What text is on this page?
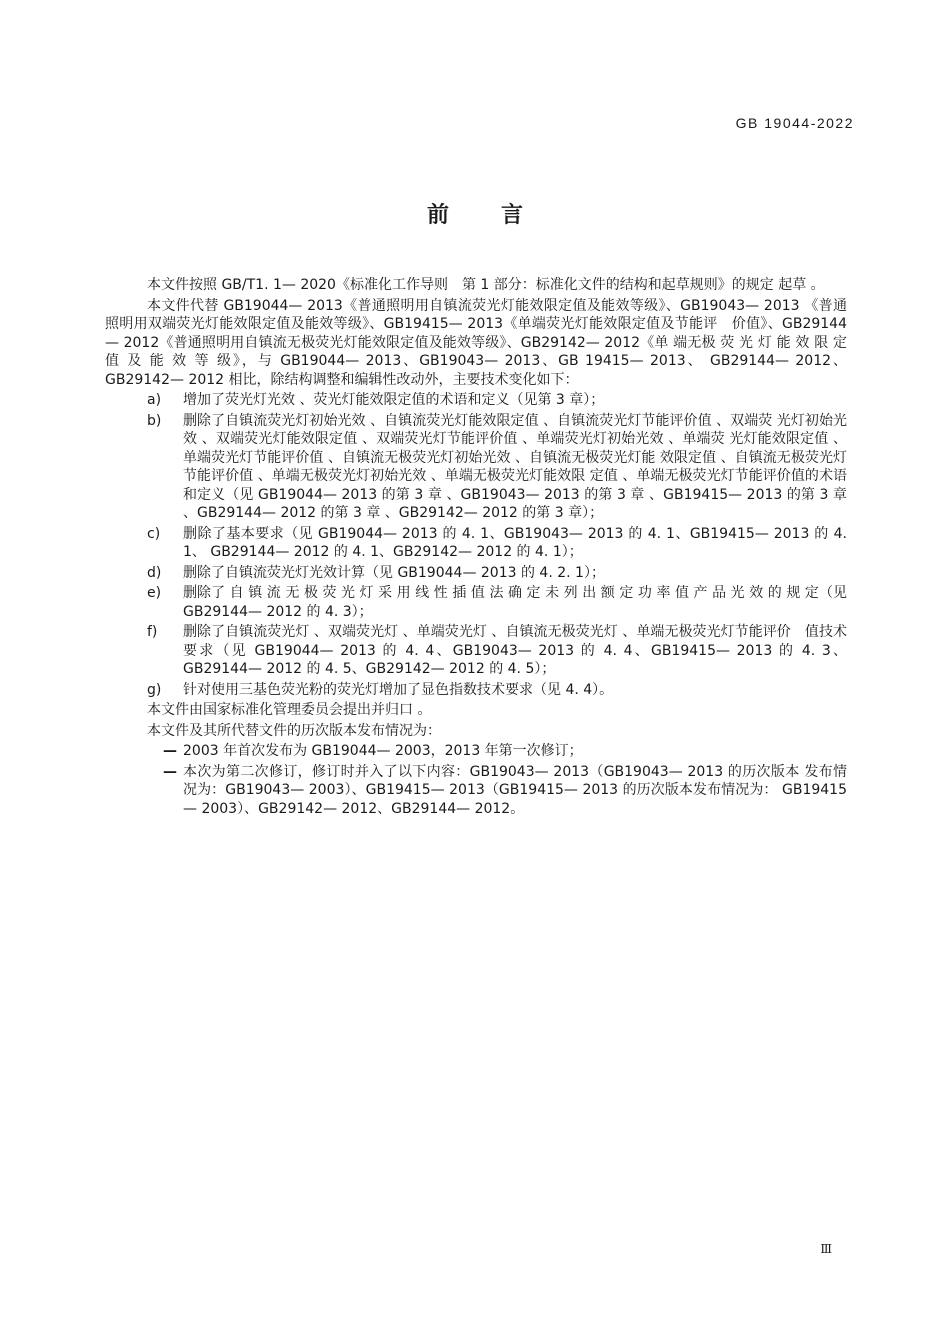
GB 19044-2022
前言

本文件按照 GB/T1. 1— 2020《标准化工作导则　第 1 部分：标准化文件的结构和起草规则》的规定 起草 。

本文件代替 GB19044— 2013《普通照明用自镇流荧光灯能效限定值及能效等级》、GB19043— 2013 《普通照明用双端荧光灯能效限定值及能效等级》、GB19415— 2013《单端荧光灯能效限定值及节能评　价值》、GB29144— 2012《普通照明用自镇流无极荧光灯能效限定值及能效等级》、GB29142— 2012《单 端无极 荧 光 灯 能 效 限 定 值 及 能 效 等 级》，与 GB19044— 2013、GB19043— 2013、GB 19415— 2013、 GB29144— 2012、GB29142— 2012 相比，除结构调整和编辑性改动外，主要技术变化如下：

a)	增加了荧光灯光效 、荧光灯能效限定值的术语和定义（见第 3 章）；
b)	删除了自镇流荧光灯初始光效 、自镇流荧光灯能效限定值 、自镇流荧光灯节能评价值 、双端荧 光灯初始光效 、双端荧光灯能效限定值 、双端荧光灯节能评价值 、单端荧光灯初始光效 、单端荧 光灯能效限定值 、单端荧光灯节能评价值 、自镇流无极荧光灯初始光效 、自镇流无极荧光灯能 效限定值 、自镇流无极荧光灯节能评价值 、单端无极荧光灯初始光效 、单端无极荧光灯能效限 定值 、单端无极荧光灯节能评价值的术语和定义（见 GB19044— 2013 的第 3 章 、GB19043— 2013 的第 3 章 、GB19415— 2013 的第 3 章 、GB29144— 2012 的第 3 章 、GB29142— 2012 的第 3 章）；
c)	删除了基本要求（见 GB19044— 2013 的 4. 1、GB19043— 2013 的 4. 1、GB19415— 2013 的 4. 1、 GB29144— 2012 的 4. 1、GB29142— 2012 的 4. 1）；
d)	删除了自镇流荧光灯光效计算（见 GB19044— 2013 的 4. 2. 1）；
e)	删除了 自 镇 流 无 极 荧 光 灯 采 用 线 性 插 值 法 确 定 未 列 出 额 定 功 率 值 产 品 光 效 的 规 定（见 GB29144— 2012 的 4. 3）；
f)	删除了自镇流荧光灯 、双端荧光灯 、单端荧光灯 、自镇流无极荧光灯 、单端无极荧光灯节能评价　值技术要求（见 GB19044— 2013 的 4. 4、GB19043— 2013 的 4. 4、GB19415— 2013 的 4. 3、 GB29144— 2012 的 4. 5、GB29142— 2012 的 4. 5）；
g)	针对使用三基色荧光粉的荧光灯增加了显色指数技术要求（见 4. 4）。

本文件由国家标准化管理委员会提出并归口 。

本文件及其所代替文件的历次版本发布情况为：

— 2003 年首次发布为 GB19044— 2003，2013 年第一次修订；
— 本次为第二次修订，修订时并入了以下内容：GB19043— 2013（GB19043— 2013 的历次版本 发布情况为：GB19043— 2003）、GB19415— 2013（GB19415— 2013 的历次版本发布情况为： GB19415— 2003）、GB29142— 2012、GB29144— 2012。
Ⅲ
